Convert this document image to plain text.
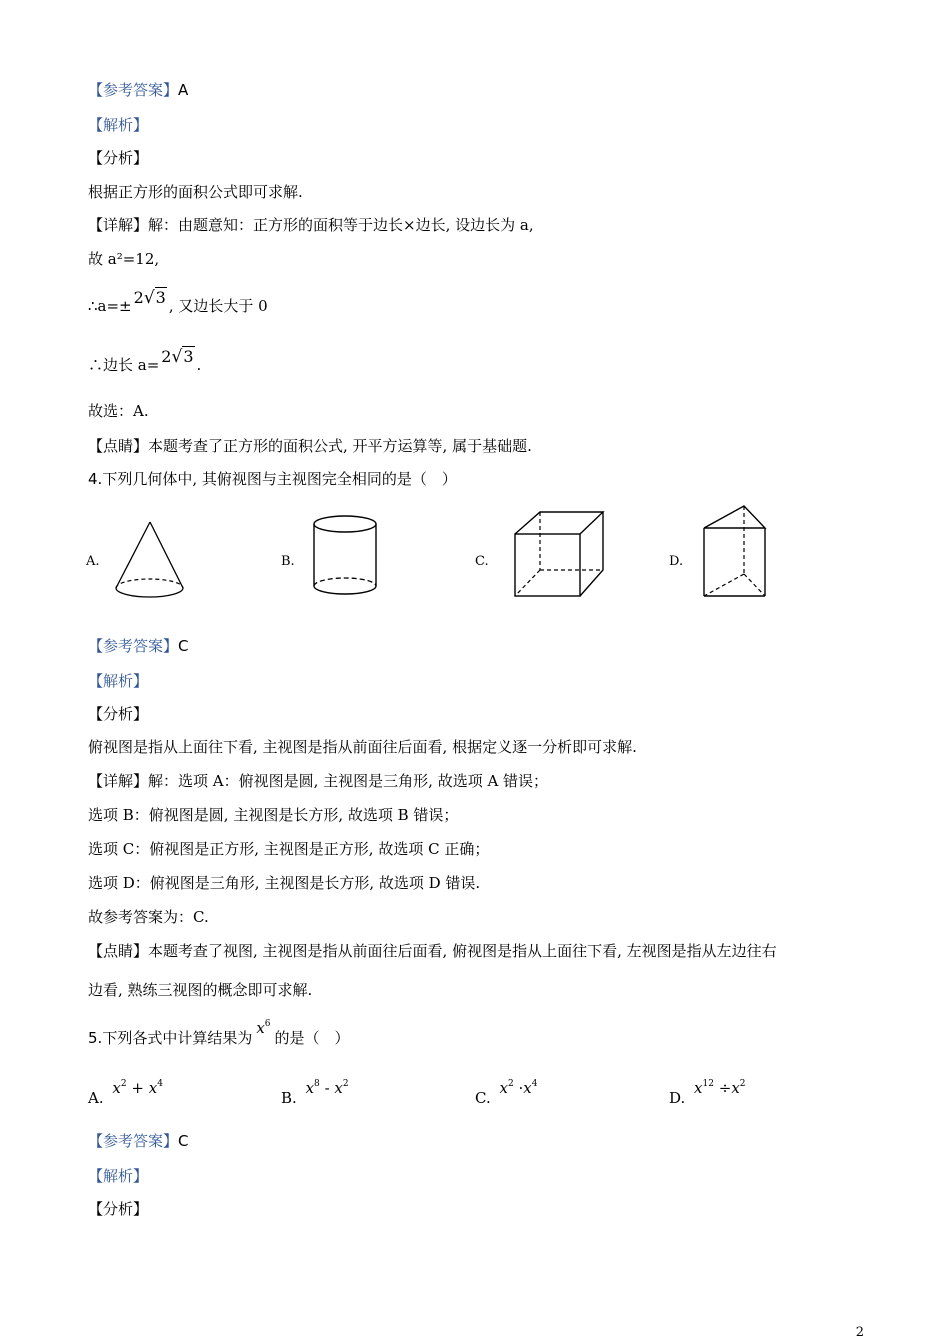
【参考答案】A
【解析】
【分析】
根据正方形的面积公式即可求解.
【详解】解：由题意知：正方形的面积等于边长×边长, 设边长为 a,
故 a²=12,
∴a=± 2√3 , 又边长大于 0
∴边长 a= 2√3 .
故选：A.
【点睛】本题考查了正方形的面积公式, 开平方运算等, 属于基础题.
4.下列几何体中, 其俯视图与主视图完全相同的是（　）
A.	B.	C.	D.
【参考答案】C
【解析】
【分析】
俯视图是指从上面往下看, 主视图是指从前面往后面看, 根据定义逐一分析即可求解.
【详解】解：选项 A：俯视图是圆, 主视图是三角形, 故选项 A 错误；
选项 B：俯视图是圆, 主视图是长方形, 故选项 B 错误；
选项 C：俯视图是正方形, 主视图是正方形, 故选项 C 正确；
选项 D：俯视图是三角形, 主视图是长方形, 故选项 D 错误.
故参考答案为：C.
【点睛】本题考查了视图, 主视图是指从前面往后面看, 俯视图是指从上面往下看, 左视图是指从左边往右
边看, 熟练三视图的概念即可求解.
5.下列各式中计算结果为$x^6$的是（　）
A. $x^2 + x^4$
B. $x^8 - x^2$
C. $x^2 \cdot x^4$
D. $x^{12} \div x^2$
【参考答案】C
【解析】
【分析】
2
